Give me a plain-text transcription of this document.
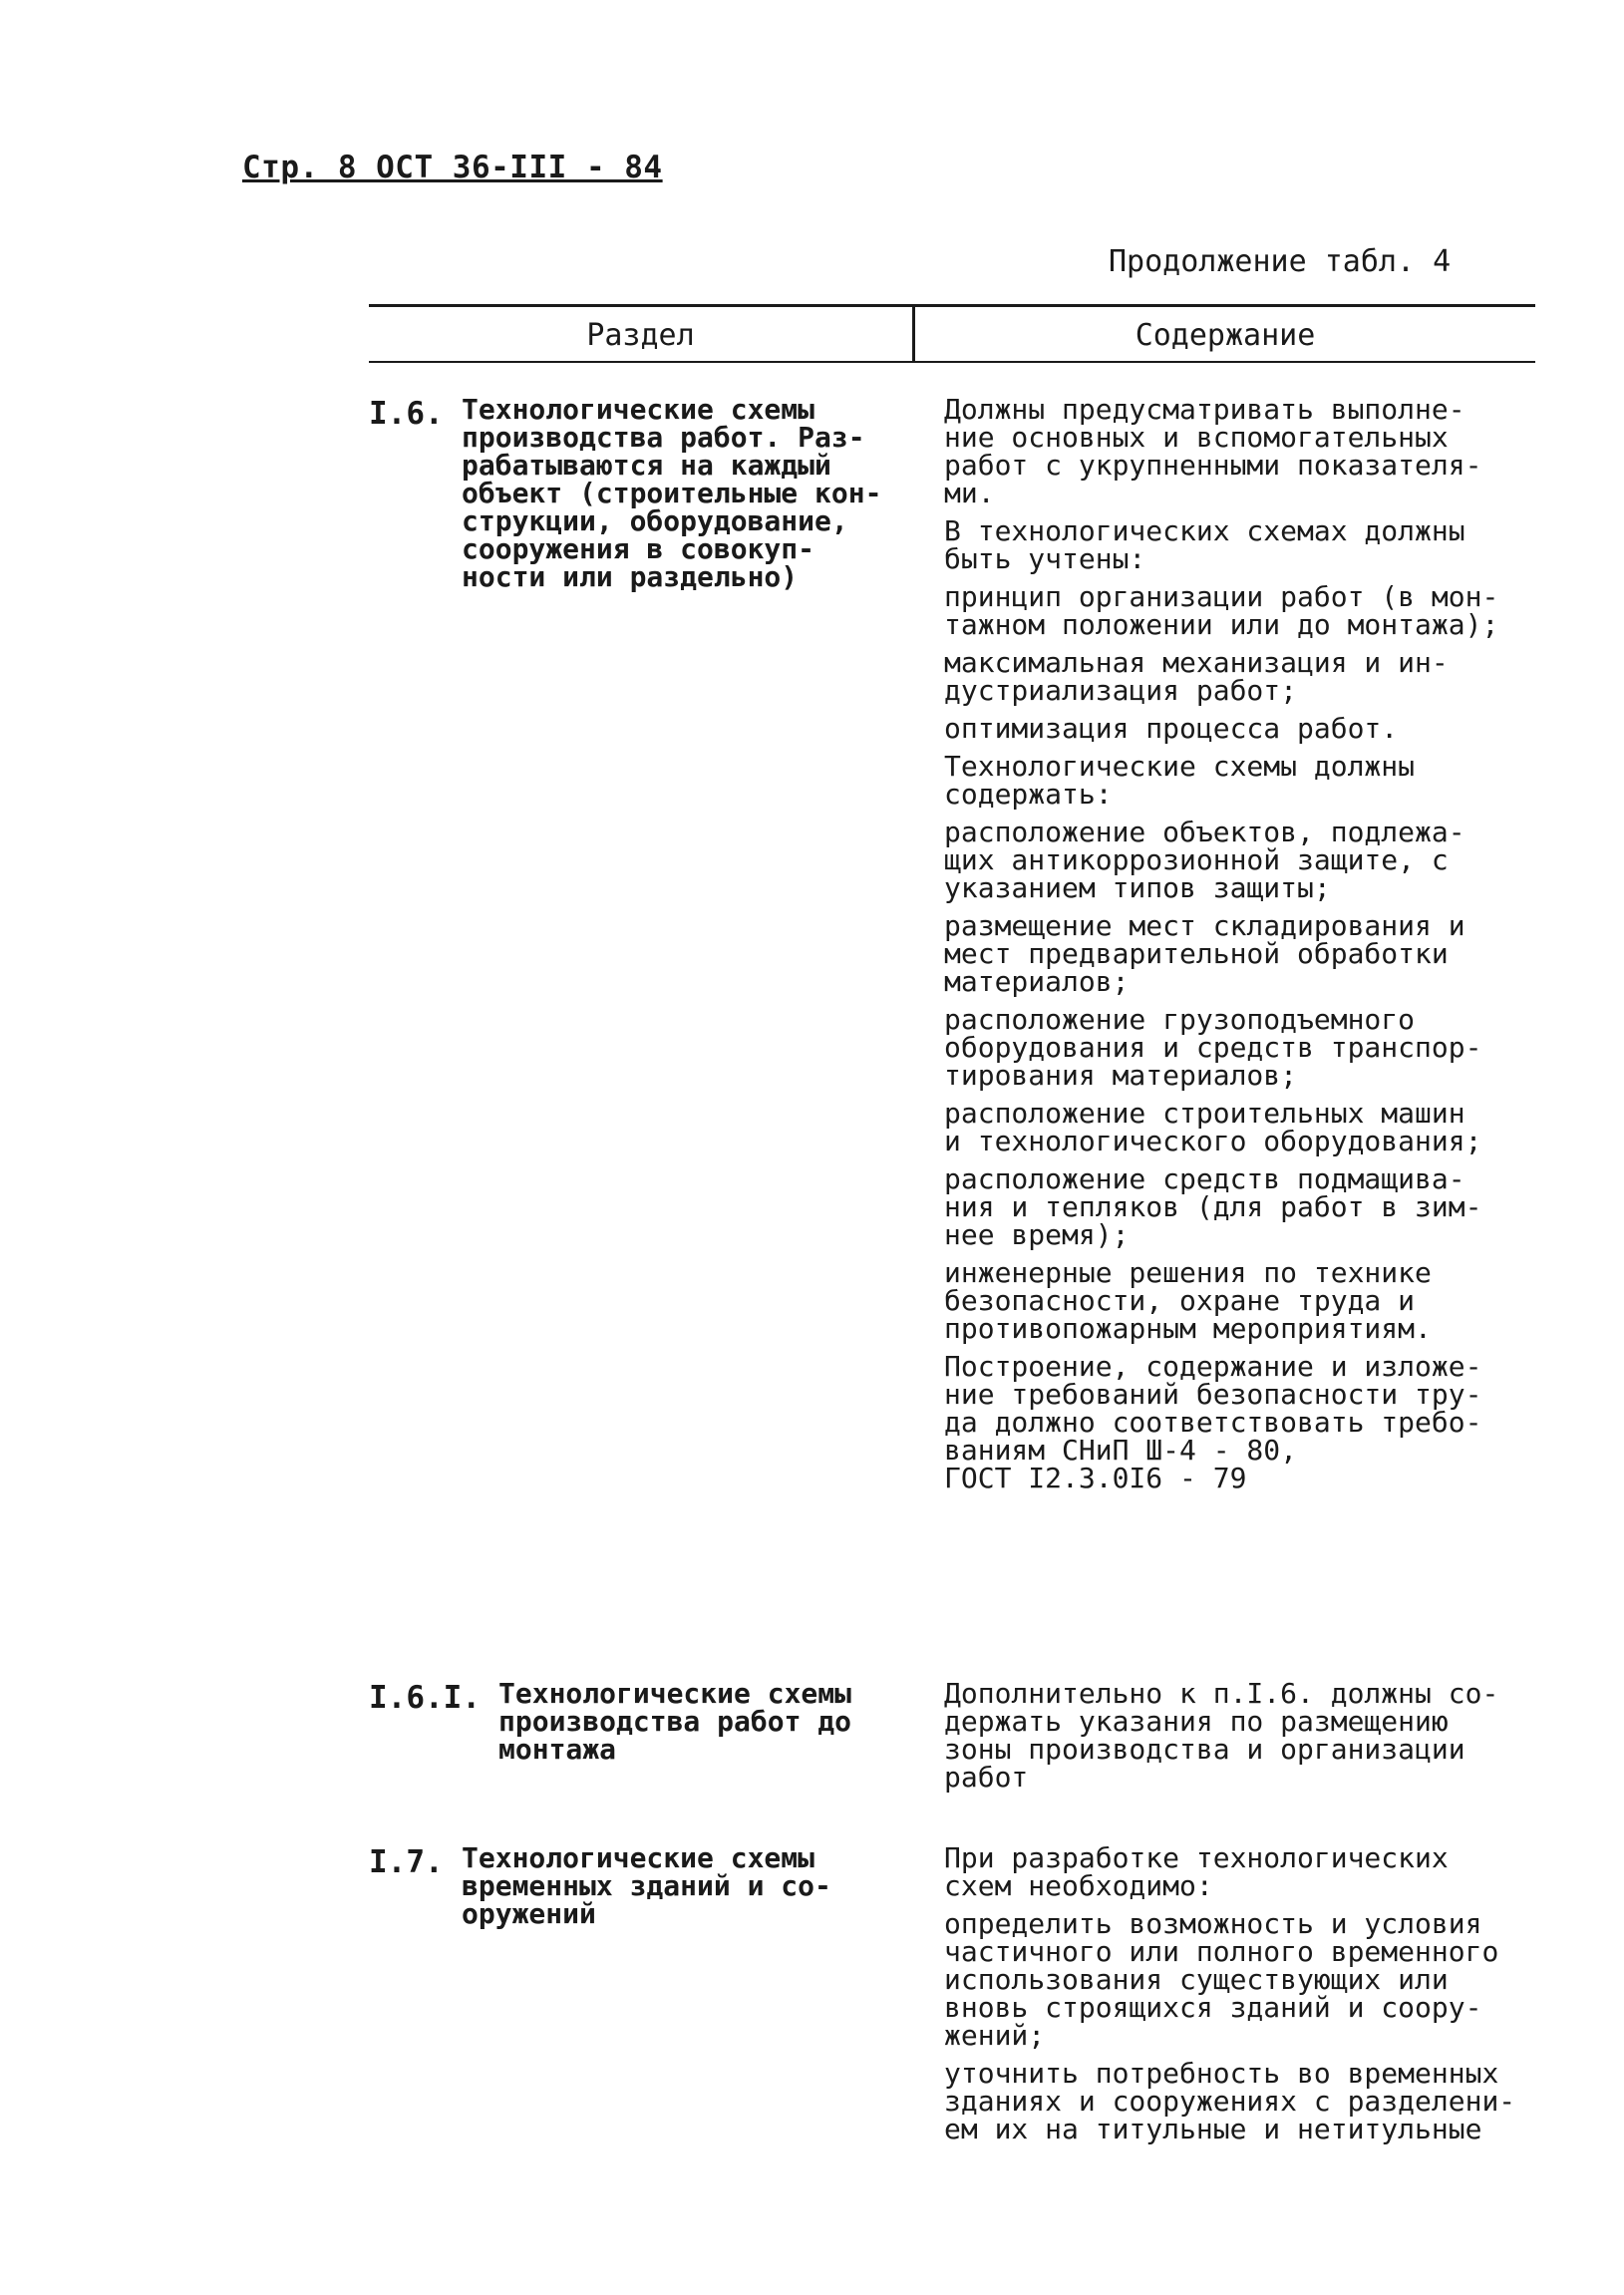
Стр. 8 ОСТ 36-III - 84
Продолжение табл. 4
Раздел	Содержание
I.6. Технологические схемы
производства работ. Раз-
рабатываются на каждый
объект (строительные кон-
струкции, оборудование,
сооружения в совокуп-
ности или раздельно)
Должны предусматривать выполне-
ние основных и вспомогательных
работ с укрупненными показателя-
ми.
В технологических схемах должны
быть учтены:
принцип организации работ (в мон-
тажном положении или до монтажа);
максимальная механизация и ин-
дустриализация работ;
оптимизация процесса работ.
Технологические схемы должны
содержать:
расположение объектов, подлежа-
щих антикоррозионной защите, с
указанием типов защиты;
размещение мест складирования и
мест предварительной обработки
материалов;
расположение грузоподъемного
оборудования и средств транспор-
тирования материалов;
расположение строительных машин
и технологического оборудования;
расположение средств подмащива-
ния и тепляков (для работ в зим-
нее время);
инженерные решения по технике
безопасности, охране труда и
противопожарным мероприятиям.
Построение, содержание и изложе-
ние требований безопасности тру-
да должно соответствовать требо-
ваниям СНиП Ш-4 - 80,
ГОСТ I2.3.0I6 - 79
I.6.I. Технологические схемы
производства работ до
монтажа
Дополнительно к п.I.6. должны со-
держать указания по размещению
зоны производства и организации
работ
I.7. Технологические схемы
временных зданий и со-
оружений
При разработке технологических
схем необходимо:
определить возможность и условия
частичного или полного временного
использования существующих или
вновь строящихся зданий и соору-
жений;
уточнить потребность во временных
зданиях и сооружениях с разделени-
ем их на титульные и нетитульные
